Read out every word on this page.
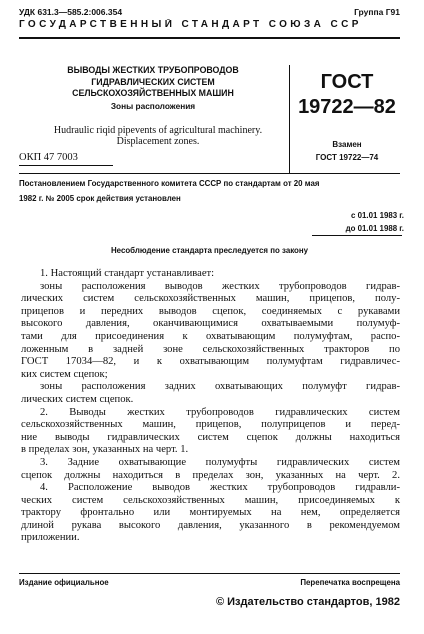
УДК 631.3—585.2:006.354	Группа Г91
ГОСУДАРСТВЕННЫЙ СТАНДАРТ СОЮЗА ССР
ВЫВОДЫ ЖЕСТКИХ ТРУБОПРОВОДОВ
ГИДРАВЛИЧЕСКИХ СИСТЕМ
СЕЛЬСКОХОЗЯЙСТВЕННЫХ МАШИН
Зоны расположения
Hudraulic riqid pipevents of agricultural machinery.
Displacement zones.
ГОСТ
19722—82
Взамен
ГОСТ 19722—74
ОКП 47 7003
Постановлением Государственного комитета СССР по стандартам от 20 мая
1982 г. № 2005 срок действия установлен
с 01.01 1983 г.
до 01.01 1988 г.
Несоблюдение стандарта преследуется по закону
1. Настоящий стандарт устанавливает:
зоны расположения выводов жестких трубопроводов гидрав-
лических систем сельскохозяйственных машин, прицепов, полу-
прицепов и передних выводов сцепок, соединяемых с рукавами
высокого давления, оканчивающимися охватываемыми полумуф-
тами для присоединения к охватывающим полумуфтам, распо-
ложенным в задней зоне сельскохозяйственных тракторов по
ГОСТ 17034—82, и к охватывающим полумуфтам гидравличес-
ких систем сцепок;
зоны расположения задних охватывающих полумуфт гидрав-
лических систем сцепок.
2. Выводы жестких трубопроводов гидравлических систем
сельскохозяйственных машин, прицепов, полуприцепов и перед-
ние выводы гидравлических систем сцепок должны находиться
в пределах зон, указанных на черт. 1.
3. Задние охватывающие полумуфты гидравлических систем
сцепок должны находиться в пределах зон, указанных на черт. 2.
4. Расположение выводов жестких трубопроводов гидравли-
ческих систем сельскохозяйственных машин, присоединяемых к
трактору фронтально или монтируемых на нем, определяется
длиной рукава высокого давления, указанного в рекомендуемом
приложении.
Издание официальное	Перепечатка воспрещена
© Издательство стандартов, 1982
